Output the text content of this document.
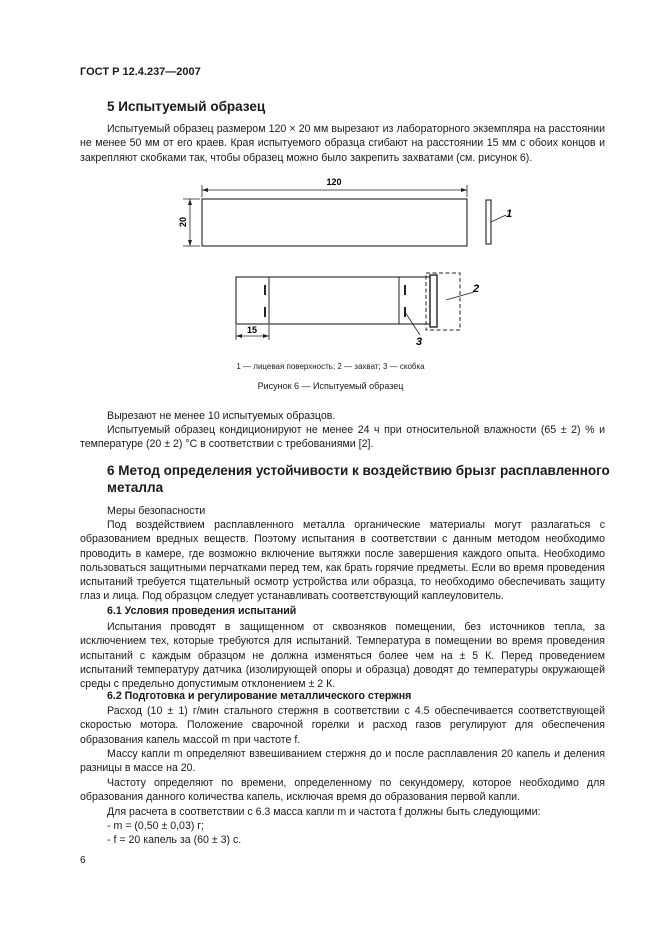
ГОСТ Р 12.4.237—2007
5 Испытуемый образец

Испытуемый образец размером 120 × 20 мм вырезают из лабораторного экземпляра на расстоянии не менее 50 мм от его краев. Края испытуемого образца сгибают на расстоянии 15 мм с обоих концов и закрепляют скобками так, чтобы образец можно было закрепить захватами (см. рисунок 6).

120
20
1
2
3
15
1 — лицевая поверхность; 2 — захват; 3 — скобка
Рисунок 6 — Испытуемый образец

Вырезают не менее 10 испытуемых образцов.

Испытуемый образец кондиционируют не менее 24 ч при относительной влажности (65 ± 2) % и температуре (20 ± 2) °С в соответствии с требованиями [2].

6 Метод определения устойчивости к воздействию брызг расплавленного
металла

Меры безопасности

Под воздействием расплавленного металла органические материалы могут разлагаться с образованием вредных веществ. Поэтому испытания в соответствии с данным методом необходимо проводить в камере, где возможно включение вытяжки после завершения каждого опыта. Необходимо пользоваться защитными перчатками перед тем, как брать горячие предметы. Если во время проведения испытаний требуется тщательный осмотр устройства или образца, то необходимо обеспечивать защиту глаз и лица. Под образцом следует устанавливать соответствующий каплеуловитель.

6.1 Условия проведения испытаний

Испытания проводят в защищенном от сквозняков помещении, без источников тепла, за исключением тех, которые требуются для испытаний. Температура в помещении во время проведения испытаний с каждым образцом не должна изменяться более чем на ± 5 К. Перед проведением испытаний температуру датчика (изолирующей опоры и образца) доводят до температуры окружающей среды с предельно допустимым отклонением ± 2 К.

6.2 Подготовка и регулирование металлического стержня

Расход (10 ± 1) г/мин стального стержня в соответствии с 4.5 обеспечивается соответствующей скоростью мотора. Положение сварочной горелки и расход газов регулируют для обеспечения образования капель массой m при частоте f.

Массу капли m определяют взвешиванием стержня до и после расплавления 20 капель и деления разницы в массе на 20.

Частоту определяют по времени, определенному по секундомеру, которое необходимо для образования данного количества капель, исключая время до образования первой капли.

Для расчета в соответствии с 6.3 масса капли m и частота f должны быть следующими:

- m = (0,50 ± 0,03) г;

- f = 20 капель за (60 ± 3) с.

6
